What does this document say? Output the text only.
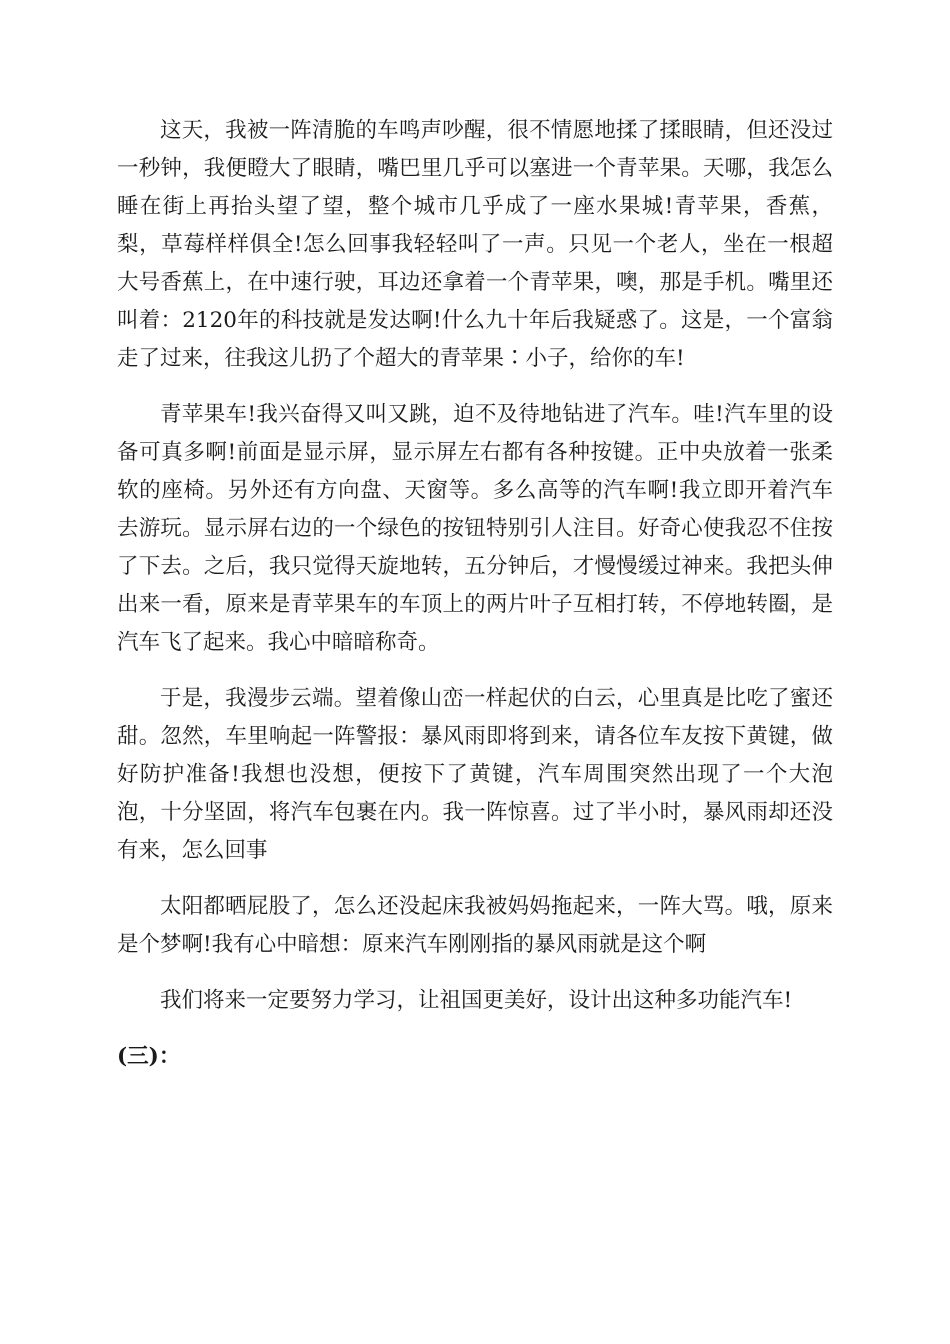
这天，我被一阵清脆的车鸣声吵醒，很不情愿地揉了揉眼睛，但还没过一秒钟，我便瞪大了眼睛，嘴巴里几乎可以塞进一个青苹果。天哪，我怎么睡在街上再抬头望了望，整个城市几乎成了一座水果城!青苹果，香蕉，梨，草莓样样俱全!怎么回事我轻轻叫了一声。只见一个老人，坐在一根超大号香蕉上，在中速行驶，耳边还拿着一个青苹果，噢，那是手机。嘴里还叫着：2120年的科技就是发达啊!什么九十年后我疑惑了。这是，一个富翁走了过来，往我这儿扔了个超大的青苹果∶小子，给你的车!

青苹果车!我兴奋得又叫又跳，迫不及待地钻进了汽车。哇!汽车里的设备可真多啊!前面是显示屏，显示屏左右都有各种按键。正中央放着一张柔软的座椅。另外还有方向盘、天窗等。多么高等的汽车啊!我立即开着汽车去游玩。显示屏右边的一个绿色的按钮特别引人注目。好奇心使我忍不住按了下去。之后，我只觉得天旋地转，五分钟后，才慢慢缓过神来。我把头伸出来一看，原来是青苹果车的车顶上的两片叶子互相打转，不停地转圈，是汽车飞了起来。我心中暗暗称奇。

于是，我漫步云端。望着像山峦一样起伏的白云，心里真是比吃了蜜还甜。忽然，车里响起一阵警报：暴风雨即将到来，请各位车友按下黄键，做好防护准备!我想也没想，便按下了黄键，汽车周围突然出现了一个大泡泡，十分坚固，将汽车包裹在内。我一阵惊喜。过了半小时，暴风雨却还没有来，怎么回事

太阳都晒屁股了，怎么还没起床我被妈妈拖起来，一阵大骂。哦，原来是个梦啊!我有心中暗想：原来汽车刚刚指的暴风雨就是这个啊

我们将来一定要努力学习，让祖国更美好，设计出这种多功能汽车!

(三)：
